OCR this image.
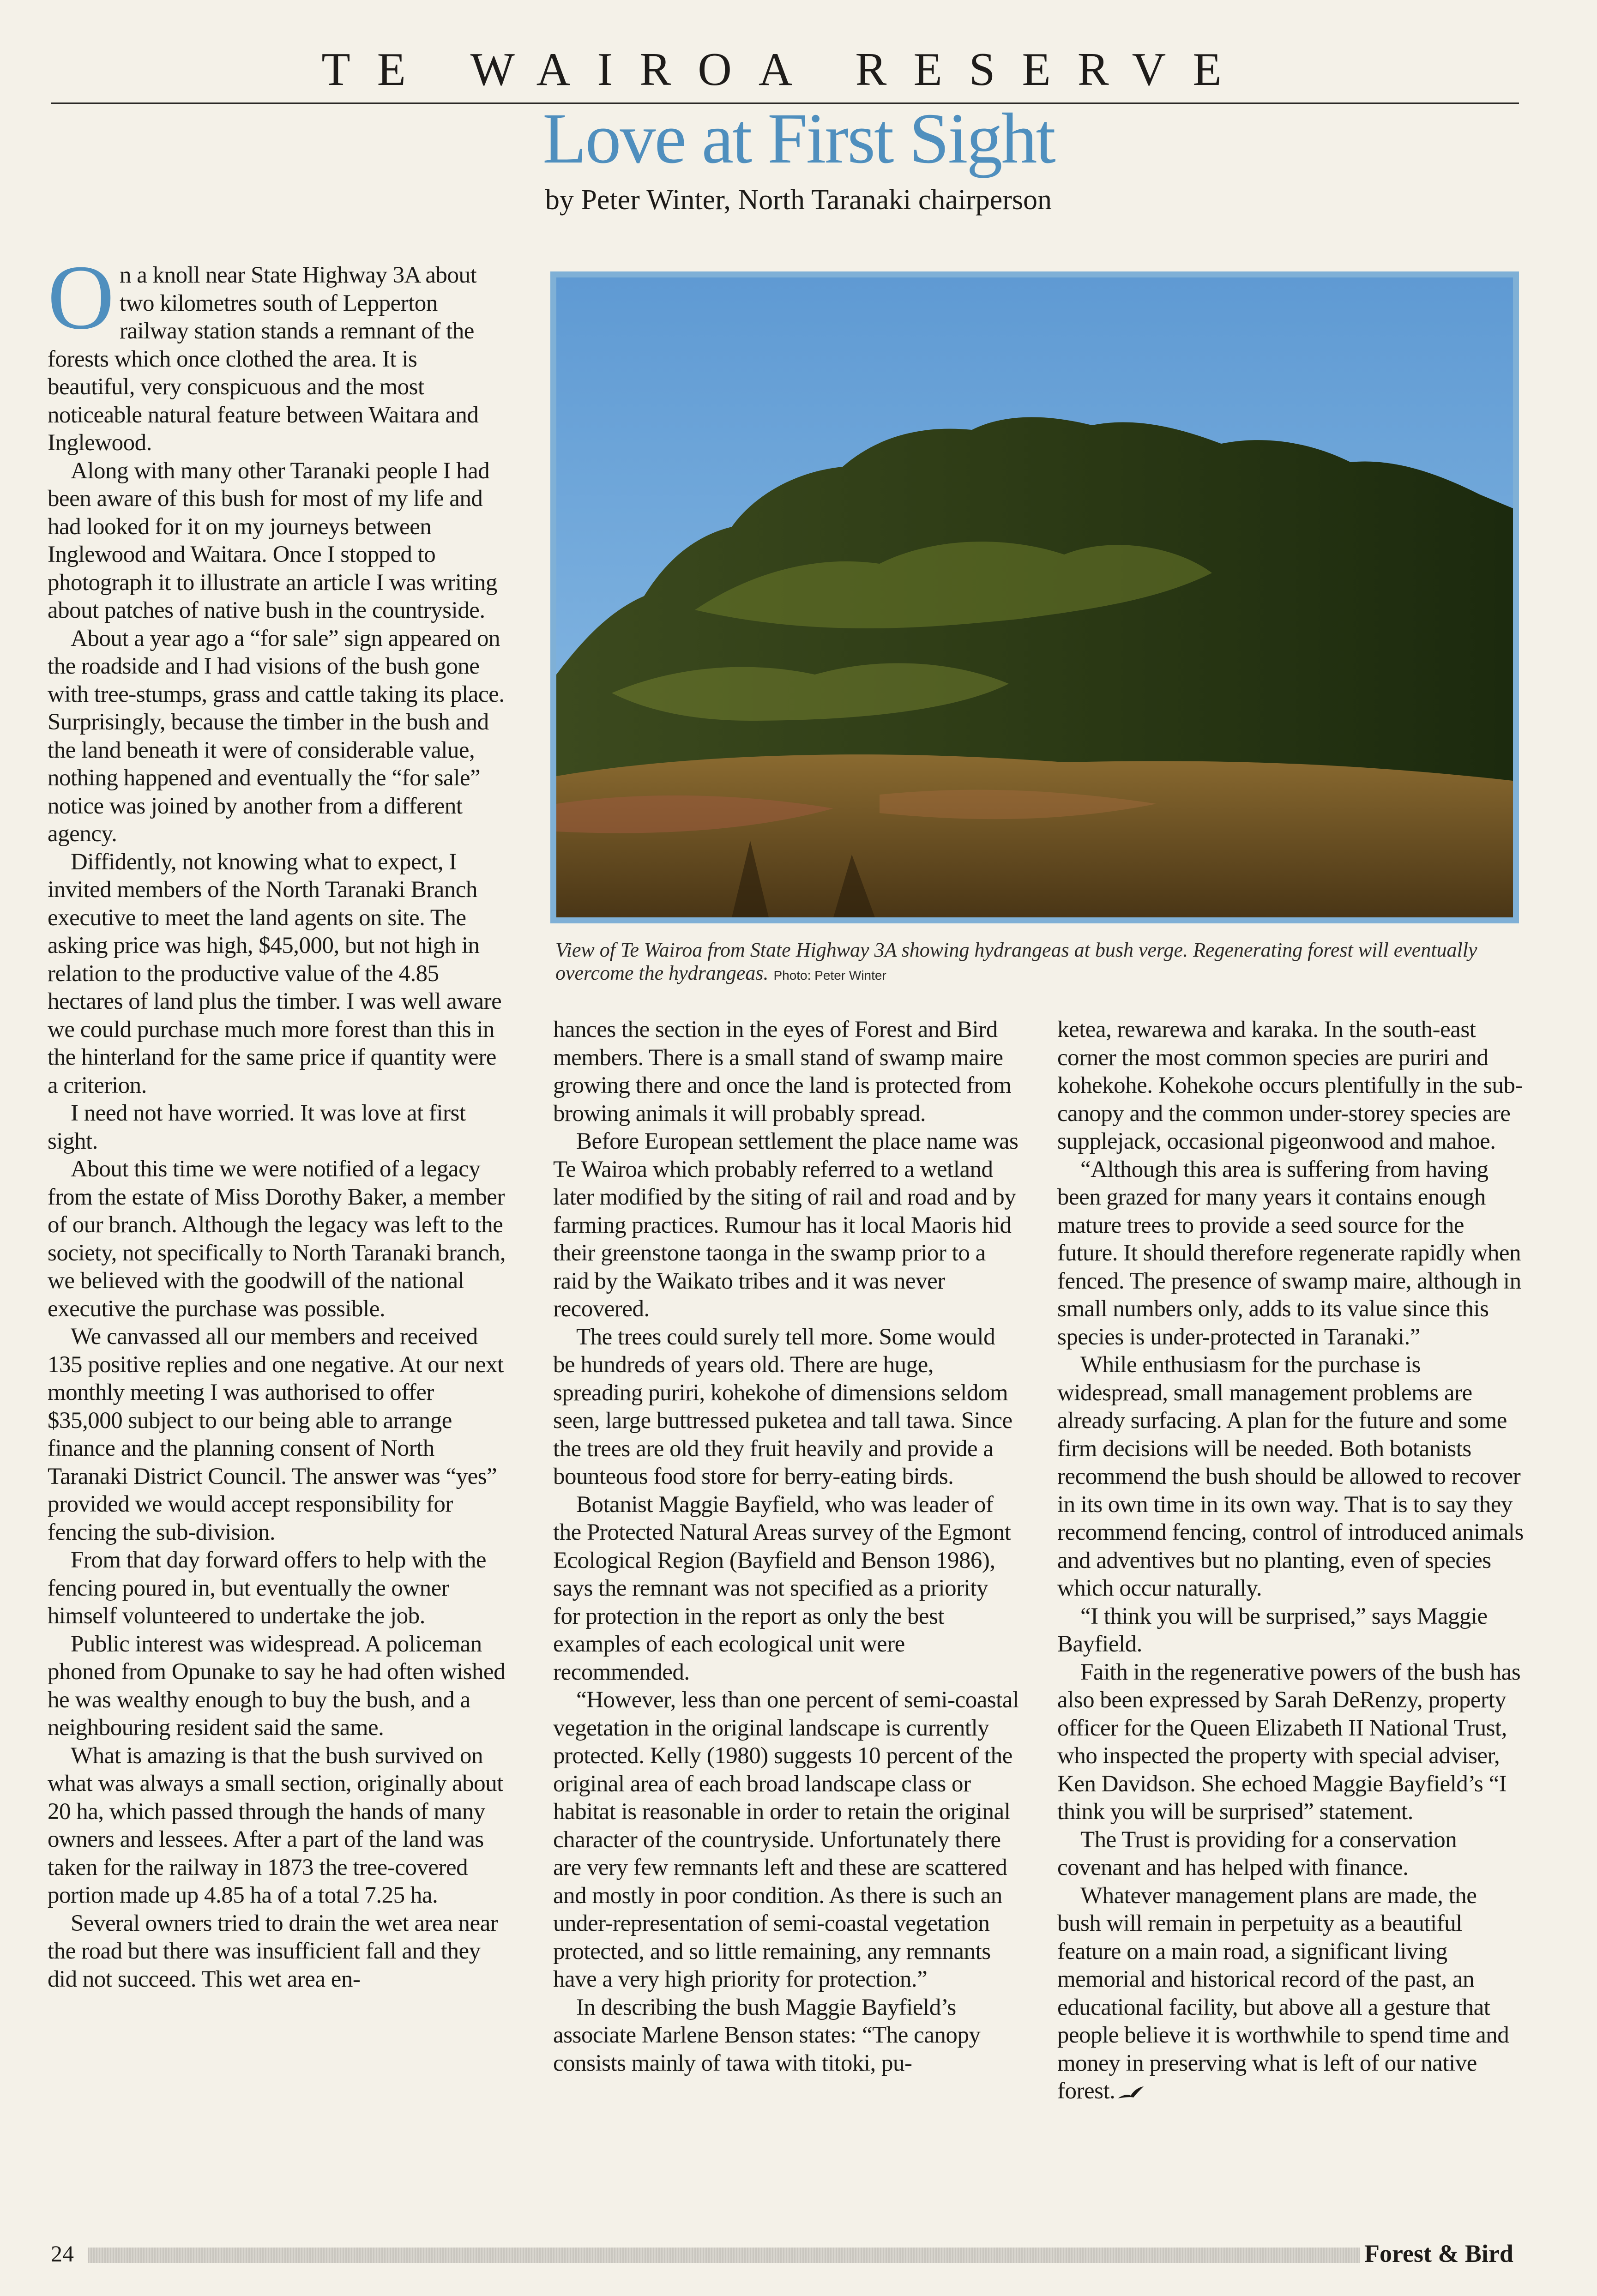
TE WAIROA RESERVE
Love at First Sight
by Peter Winter, North Taranaki chairperson

On a knoll near State Highway 3A about two kilometres south of Lepperton railway station stands a remnant of the forests which once clothed the area. It is beautiful, very conspicuous and the most noticeable natural feature between Waitara and Inglewood.

Along with many other Taranaki people I had been aware of this bush for most of my life and had looked for it on my journeys between Inglewood and Waitara. Once I stopped to photograph it to illustrate an article I was writing about patches of native bush in the countryside.

About a year ago a “for sale” sign appeared on the roadside and I had visions of the bush gone with tree-stumps, grass and cattle taking its place. Surprisingly, because the timber in the bush and the land beneath it were of considerable value, nothing happened and eventually the “for sale” notice was joined by another from a different agency.

Diffidently, not knowing what to expect, I invited members of the North Taranaki Branch executive to meet the land agents on site. The asking price was high, $45,000, but not high in relation to the productive value of the 4.85 hectares of land plus the timber. I was well aware we could purchase much more forest than this in the hinterland for the same price if quantity were a criterion.

I need not have worried. It was love at first sight.

About this time we were notified of a legacy from the estate of Miss Dorothy Baker, a member of our branch. Although the legacy was left to the society, not specifically to North Taranaki branch, we believed with the goodwill of the national executive the purchase was possible.

We canvassed all our members and received 135 positive replies and one negative. At our next monthly meeting I was authorised to offer $35,000 subject to our being able to arrange finance and the planning consent of North Taranaki District Council. The answer was “yes” provided we would accept responsibility for fencing the sub-division.

From that day forward offers to help with the fencing poured in, but eventually the owner himself volunteered to undertake the job.

Public interest was widespread. A policeman phoned from Opunake to say he had often wished he was wealthy enough to buy the bush, and a neighbouring resident said the same.

What is amazing is that the bush survived on what was always a small section, originally about 20 ha, which passed through the hands of many owners and lessees. After a part of the land was taken for the railway in 1873 the tree-covered portion made up 4.85 ha of a total 7.25 ha.

Several owners tried to drain the wet area near the road but there was insufficient fall and they did not succeed. This wet area en-

View of Te Wairoa from State Highway 3A showing hydrangeas at bush verge. Regenerating forest will eventually overcome the hydrangeas. Photo: Peter Winter

hances the section in the eyes of Forest and Bird members. There is a small stand of swamp maire growing there and once the land is protected from browing animals it will probably spread.

Before European settlement the place name was Te Wairoa which probably referred to a wetland later modified by the siting of rail and road and by farming practices. Rumour has it local Maoris hid their greenstone taonga in the swamp prior to a raid by the Waikato tribes and it was never recovered.

The trees could surely tell more. Some would be hundreds of years old. There are huge, spreading puriri, kohekohe of dimensions seldom seen, large buttressed puketea and tall tawa. Since the trees are old they fruit heavily and provide a bounteous food store for berry-eating birds.

Botanist Maggie Bayfield, who was leader of the Protected Natural Areas survey of the Egmont Ecological Region (Bayfield and Benson 1986), says the remnant was not specified as a priority for protection in the report as only the best examples of each ecological unit were recommended.

“However, less than one percent of semi-coastal vegetation in the original landscape is currently protected. Kelly (1980) suggests 10 percent of the original area of each broad landscape class or habitat is reasonable in order to retain the original character of the countryside. Unfortunately there are very few remnants left and these are scattered and mostly in poor condition. As there is such an under-representation of semi-coastal vegetation protected, and so little remaining, any remnants have a very high priority for protection.”

In describing the bush Maggie Bayfield’s associate Marlene Benson states: “The canopy consists mainly of tawa with titoki, pu-

ketea, rewarewa and karaka. In the south-east corner the most common species are puriri and kohekohe. Kohekohe occurs plentifully in the sub-canopy and the common under-storey species are supplejack, occasional pigeonwood and mahoe.

“Although this area is suffering from having been grazed for many years it contains enough mature trees to provide a seed source for the future. It should therefore regenerate rapidly when fenced. The presence of swamp maire, although in small numbers only, adds to its value since this species is under-protected in Taranaki.”

While enthusiasm for the purchase is widespread, small management problems are already surfacing. A plan for the future and some firm decisions will be needed. Both botanists recommend the bush should be allowed to recover in its own time in its own way. That is to say they recommend fencing, control of introduced animals and adventives but no planting, even of species which occur naturally.

“I think you will be surprised,” says Maggie Bayfield.

Faith in the regenerative powers of the bush has also been expressed by Sarah DeRenzy, property officer for the Queen Elizabeth II National Trust, who inspected the property with special adviser, Ken Davidson. She echoed Maggie Bayfield’s “I think you will be surprised” statement.

The Trust is providing for a conservation covenant and has helped with finance.

Whatever management plans are made, the bush will remain in perpetuity as a beautiful feature on a main road, a significant living memorial and historical record of the past, an educational facility, but above all a gesture that people believe it is worthwhile to spend time and money in preserving what is left of our native forest.

24	Forest & Bird
